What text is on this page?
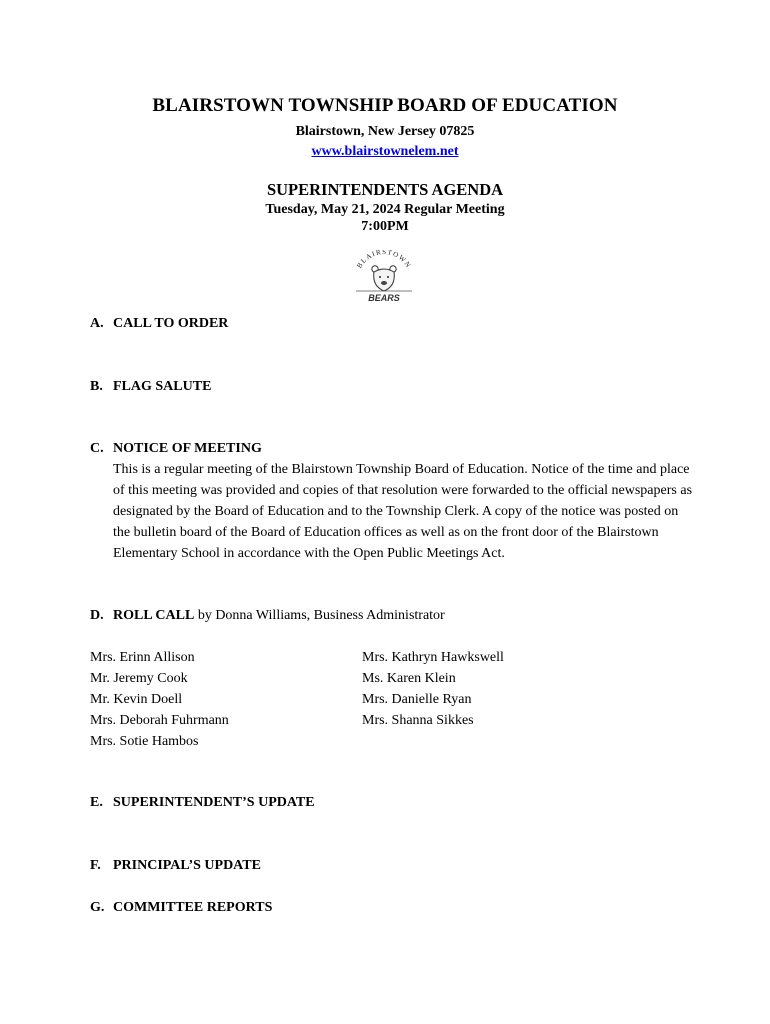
BLAIRSTOWN TOWNSHIP BOARD OF EDUCATION
Blairstown, New Jersey 07825
www.blairstownelem.net
SUPERINTENDENTS AGENDA
Tuesday, May 21, 2024 Regular Meeting
7:00PM
BLAIRSTOWN
BEARS
A. CALL TO ORDER
B. FLAG SALUTE
C. NOTICE OF MEETING
This is a regular meeting of the Blairstown Township Board of Education. Notice of the time and place of this meeting was provided and copies of that resolution were forwarded to the official newspapers as designated by the Board of Education and to the Township Clerk. A copy of the notice was posted on the bulletin board of the Board of Education offices as well as on the front door of the Blairstown Elementary School in accordance with the Open Public Meetings Act.
D. ROLL CALL by Donna Williams, Business Administrator
Mrs. Erinn Allison
Mr. Jeremy Cook
Mr. Kevin Doell
Mrs. Deborah Fuhrmann
Mrs. Sotie Hambos
Mrs. Kathryn Hawkswell
Ms. Karen Klein
Mrs. Danielle Ryan
Mrs. Shanna Sikkes
E. SUPERINTENDENT’S UPDATE
F. PRINCIPAL’S UPDATE
G. COMMITTEE REPORTS
